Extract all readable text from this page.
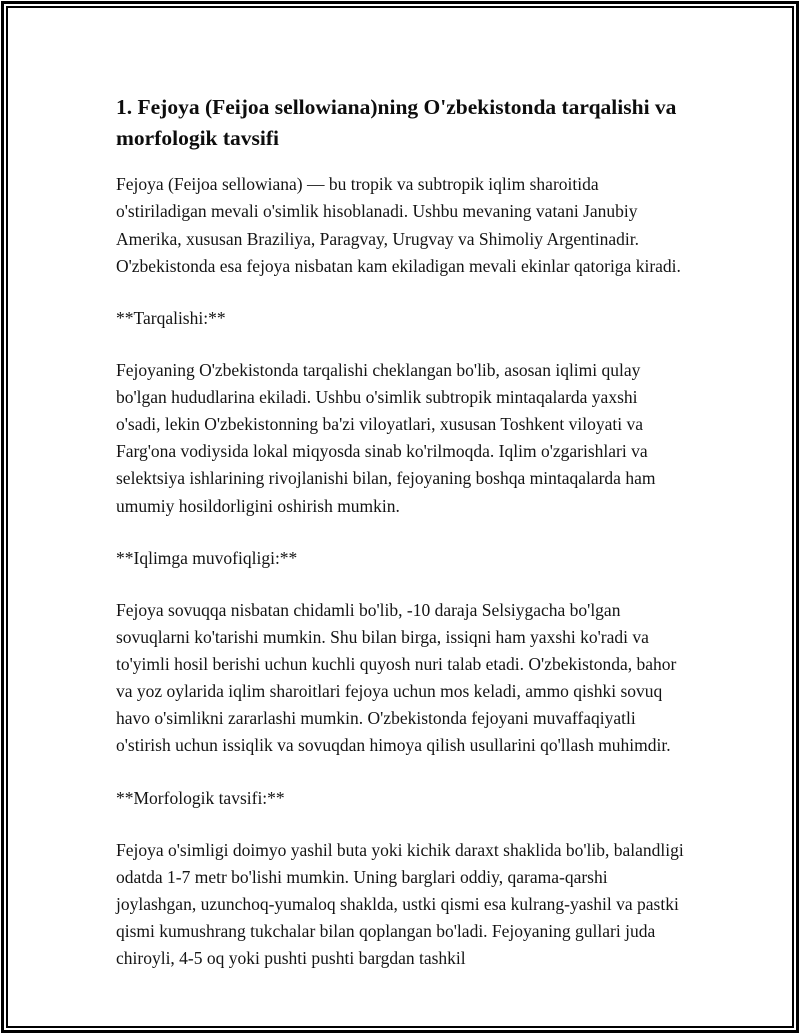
1. Fejoya (Feijoa sellowiana)ning O'zbekistonda tarqalishi va morfologik tavsifi

Fejoya (Feijoa sellowiana) — bu tropik va subtropik iqlim sharoitida o'stiriladigan mevali o'simlik hisoblanadi. Ushbu mevaning vatani Janubiy Amerika, xususan Braziliya, Paragvay, Urugvay va Shimoliy Argentinadir. O'zbekistonda esa fejoya nisbatan kam ekiladigan mevali ekinlar qatoriga kiradi.

**Tarqalishi:**

Fejoyaning O'zbekistonda tarqalishi cheklangan bo'lib, asosan iqlimi qulay bo'lgan hududlarina ekiladi. Ushbu o'simlik subtropik mintaqalarda yaxshi o'sadi, lekin O'zbekistonning ba'zi viloyatlari, xususan Toshkent viloyati va Farg'ona vodiysida lokal miqyosda sinab ko'rilmoqda. Iqlim o'zgarishlari va selektsiya ishlarining rivojlanishi bilan, fejoyaning boshqa mintaqalarda ham umumiy hosildorligini oshirish mumkin.

**Iqlimga muvofiqligi:**

Fejoya sovuqqa nisbatan chidamli bo'lib, -10 daraja Selsiygacha bo'lgan sovuqlarni ko'tarishi mumkin. Shu bilan birga, issiqni ham yaxshi ko'radi va to'yimli hosil berishi uchun kuchli quyosh nuri talab etadi. O'zbekistonda, bahor va yoz oylarida iqlim sharoitlari fejoya uchun mos keladi, ammo qishki sovuq havo o'simlikni zararlashi mumkin. O'zbekistonda fejoyani muvaffaqiyatli o'stirish uchun issiqlik va sovuqdan himoya qilish usullarini qo'llash muhimdir.

**Morfologik tavsifi:**

Fejoya o'simligi doimyo yashil buta yoki kichik daraxt shaklida bo'lib, balandligi odatda 1-7 metr bo'lishi mumkin. Uning barglari oddiy, qarama-qarshi joylashgan, uzunchoq-yumaloq shaklda, ustki qismi esa kulrang-yashil va pastki qismi kumushrang tukchalar bilan qoplangan bo'ladi. Fejoyaning gullari juda chiroyli, 4-5 oq yoki pushti pushti bargdan tashkil
